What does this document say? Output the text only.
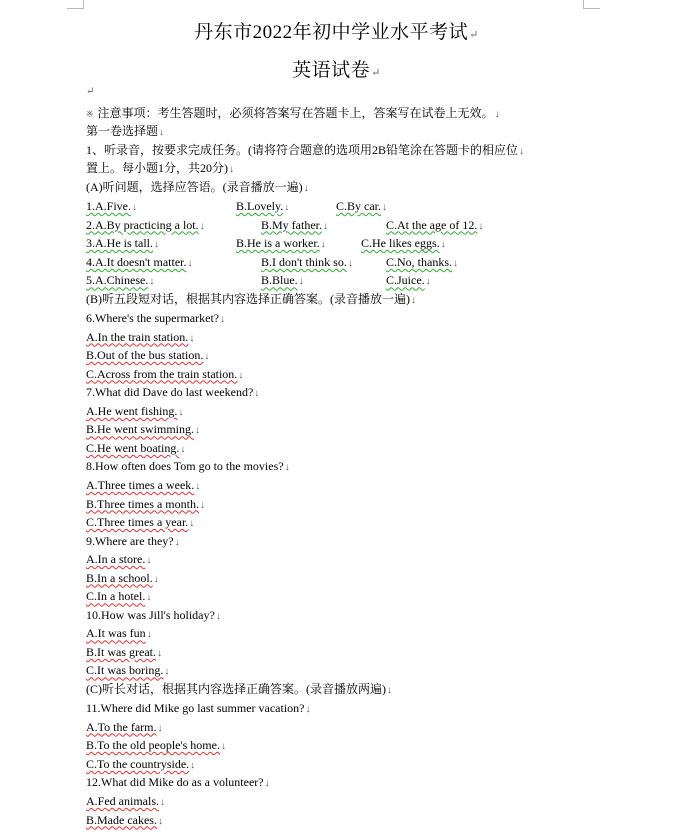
丹东市2022年初中学业水平考试↵
英语试卷↵
↵
※ 注意事项：考生答题时，必须将答案写在答题卡上，答案写在试卷上无效。↓
第一卷选择题↓
1、听录音，按要求完成任务。(请将符合题意的选项用2B铅笔涂在答题卡的相应位↓
置上。每小题1分，共20分)↓
(A)听问题，选择应答语。(录音播放一遍)↓
1.A.Five.↓	B.Lovely.↓	C.By car.↓
2.A.By practicing a lot.↓	B.My father.↓	C.At the age of 12.↓
3.A.He is tall.↓	B.He is a worker.↓	C.He likes eggs.↓
4.A.It doesn't matter.↓	B.I don't think so.↓	C.No, thanks.↓
5.A.Chinese.↓	B.Blue.↓	C.Juice.↓
(B)听五段短对话，根据其内容选择正确答案。(录音播放一遍)↓
6.Where's the supermarket?↓
A.In the train station.↓
B.Out of the bus station.↓
C.Across from the train station.↓
7.What did Dave do last weekend?↓
A.He went fishing.↓
B.He went swimming.↓
C.He went boating.↓
8.How often does Tom go to the movies?↓
A.Three times a week.↓
B.Three times a month.↓
C.Three times a year.↓
9.Where are they?↓
A.In a store.↓
B.In a school.↓
C.In a hotel.↓
10.How was Jill's holiday?↓
A.It was fun↓
B.It was great.↓
C.It was boring.↓
(C)听长对话，根据其内容选择正确答案。(录音播放两遍)↓
11.Where did Mike go last summer vacation?↓
A.To the farm.↓
B.To the old people's home.↓
C.To the countryside.↓
12.What did Mike do as a volunteer?↓
A.Fed animals.↓
B.Made cakes.↓
